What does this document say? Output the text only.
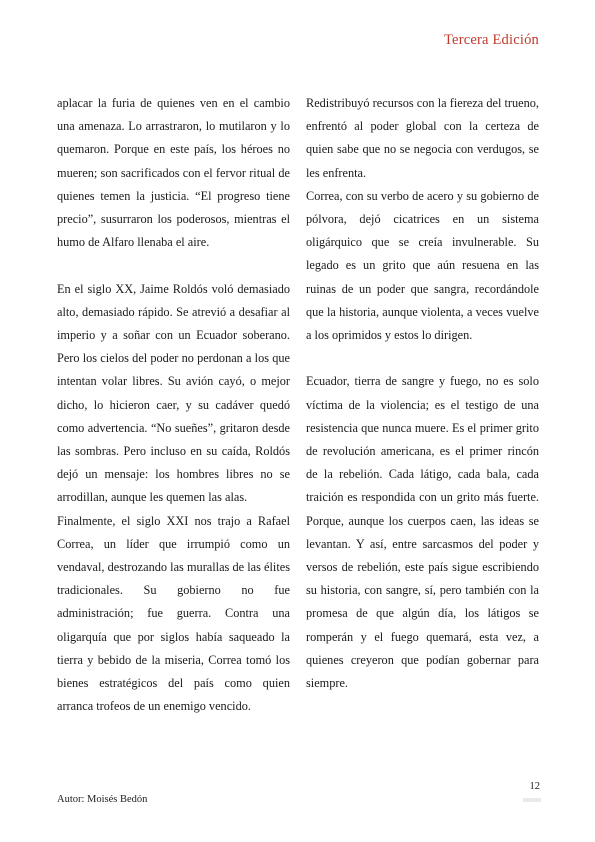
Tercera Edición

aplacar la furia de quienes ven en el cambio una amenaza. Lo arrastraron, lo mutilaron y lo quemaron. Porque en este país, los héroes no mueren; son sacrificados con el fervor ritual de quienes temen la justicia. “El progreso tiene precio”, susurraron los poderosos, mientras el humo de Alfaro llenaba el aire.

En el siglo XX, Jaime Roldós voló demasiado alto, demasiado rápido. Se atrevió a desafiar al imperio y a soñar con un Ecuador soberano. Pero los cielos del poder no perdonan a los que intentan volar libres. Su avión cayó, o mejor dicho, lo hicieron caer, y su cadáver quedó como advertencia. “No sueñes”, gritaron desde las sombras. Pero incluso en su caída, Roldós dejó un mensaje: los hombres libres no se arrodillan, aunque les quemen las alas.

Finalmente, el siglo XXI nos trajo a Rafael Correa, un líder que irrumpió como un vendaval, destrozando las murallas de las élites tradicionales. Su gobierno no fue administración; fue guerra. Contra una oligarquía que por siglos había saqueado la tierra y bebido de la miseria, Correa tomó los bienes estratégicos del país como quien arranca trofeos de un enemigo vencido.

Redistribuyó recursos con la fiereza del trueno, enfrentó al poder global con la certeza de quien sabe que no se negocia con verdugos, se les enfrenta.

Correa, con su verbo de acero y su gobierno de pólvora, dejó cicatrices en un sistema oligárquico que se creía invulnerable. Su legado es un grito que aún resuena en las ruinas de un poder que sangra, recordándole que la historia, aunque violenta, a veces vuelve a los oprimidos y estos lo dirigen.

Ecuador, tierra de sangre y fuego, no es solo víctima de la violencia; es el testigo de una resistencia que nunca muere. Es el primer grito de revolución americana, es el primer rincón de la rebelión. Cada látigo, cada bala, cada traición es respondida con un grito más fuerte. Porque, aunque los cuerpos caen, las ideas se levantan. Y así, entre sarcasmos del poder y versos de rebelión, este país sigue escribiendo su historia, con sangre, sí, pero también con la promesa de que algún día, los látigos se romperán y el fuego quemará, esta vez, a quienes creyeron que podían gobernar para siempre.

Autor: Moisés Bedón
12
